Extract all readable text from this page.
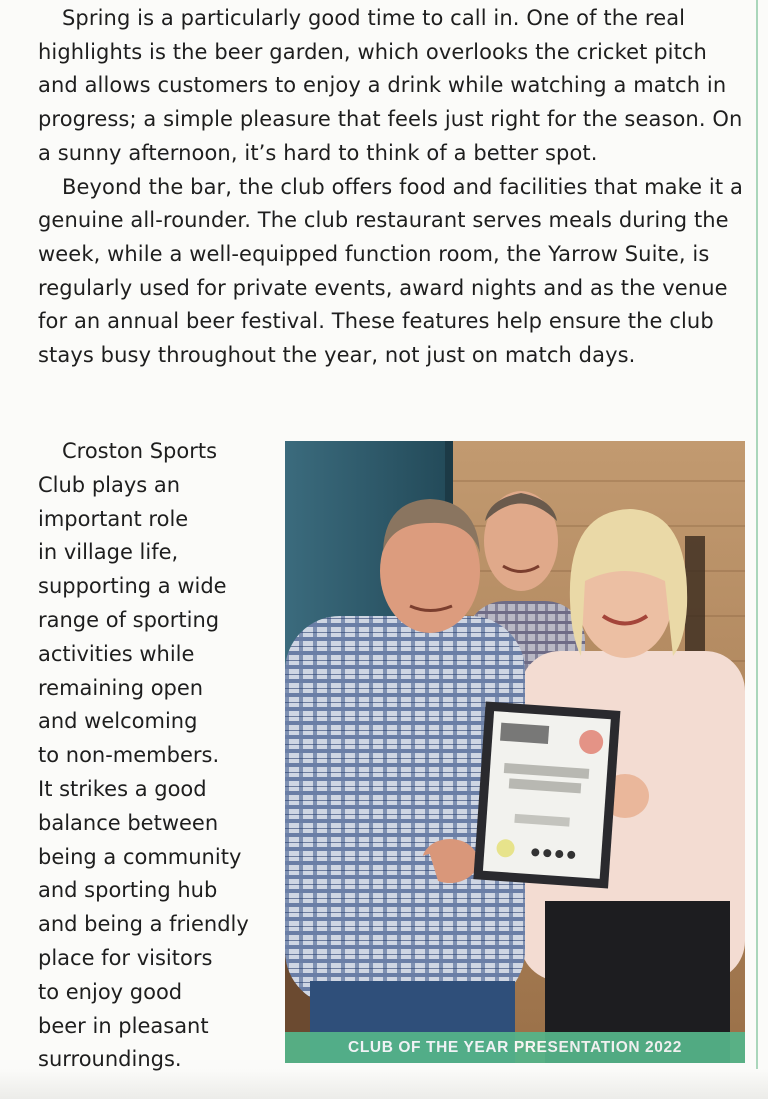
Spring is a particularly good time to call in. One of the real highlights is the beer garden, which overlooks the cricket pitch and allows customers to enjoy a drink while watching a match in progress; a simple pleasure that feels just right for the season. On a sunny afternoon, it’s hard to think of a better spot.

Beyond the bar, the club offers food and facilities that make it a genuine all-rounder. The club restaurant serves meals during the week, while a well-equipped function room, the Yarrow Suite, is regularly used for private events, award nights and as the venue for an annual beer festival. These features help ensure the club stays busy throughout the year, not just on match days.

Croston Sports
Club plays an
important role
in village life,
supporting a wide
range of sporting
activities while
remaining open
and welcoming
to non-members.
It strikes a good
balance between
being a community
and sporting hub
and being a friendly
place for visitors
to enjoy good
beer in pleasant
surroundings.
CLUB OF THE YEAR PRESENTATION 2022
